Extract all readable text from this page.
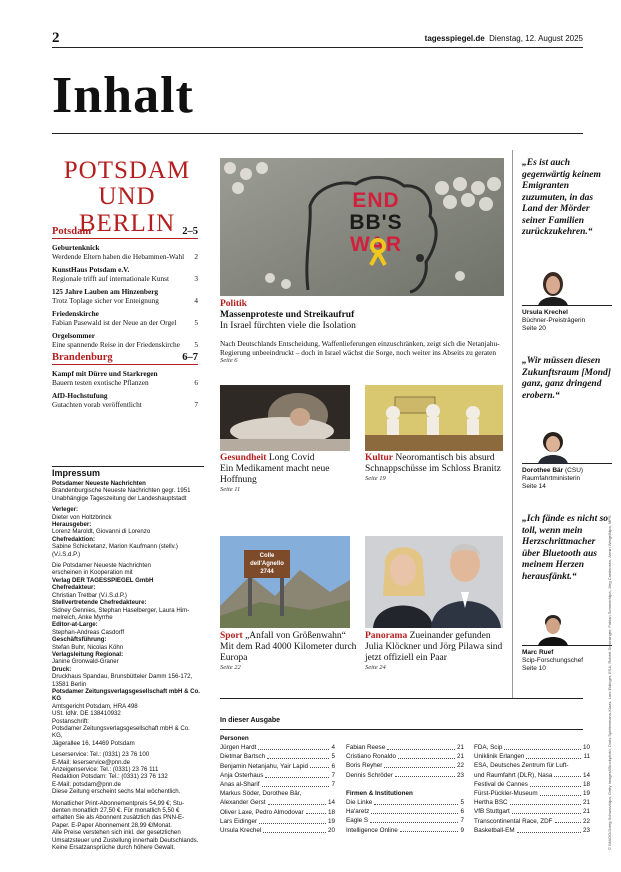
2	tagesspiegel.de Dienstag, 12. August 2025
Inhalt
POTSDAM
UND BERLIN
Potsdam	2–5
Geburtenknick
Werdende Eltern haben die Hebammen-Wahl	2
KunstHaus Potsdam e.V.
Regionale trifft auf internationale Kunst	3
125 Jahre Lauben am Hinzenberg
Trotz Toplage sicher vor Enteignung	4
Friedenskirche
Fabian Pasewald ist der Neue an der Orgel	5
Orgelsommer
Eine spannende Reise in der Friedenskirche	5
Brandenburg	6–7
Kampf mit Dürre und Starkregen
Bauern testen exotische Pflanzen	6
AfD-Hochstufung
Gutachten vorab veröffentlicht	7
Impressum
Potsdamer Neueste Nachrichten
Brandenburgische Neueste Nachrichten gegr. 1951
Unabhängige Tageszeitung der Landeshauptstadt
Verleger:
Dieter von Holtzbrinck
Herausgeber:
Lorenz Maroldt, Giovanni di Lorenzo
Chefredaktion:
Sabine Schicketanz, Marion Kaufmann (stellv.)
(V.i.S.d.P.)
Die Potsdamer Neueste Nachrichten
erscheinen in Kooperation mit
Verlag DER TAGESSPIEGEL GmbH
Chefredakteur:
Christian Tretbar (V.i.S.d.P.)
Stellvertretende Chefredakteure:
Sidney Gennies, Stephan Haselberger, Laura Him-
melreich, Anke Myrrhe
Editor-at-Large:
Stephan-Andreas Casdorff
Geschäftsführung:
Stefan Buhr, Nicolas Köhn
Verlagsleitung Regional:
Janine Gronwald-Graner
Druck:
Druckhaus Spandau, Brunsbütteler Damm 156-172,
13581 Berlin
Potsdamer Zeitungsverlagsgesellschaft mbH & Co. KG
Amtsgericht Potsdam, HRA 498
USt. IdNr. DE 138410932
Postanschrift:
Potsdamer Zeitungsverlagsgesellschaft mbH & Co.
KG,
Jägerallee 16, 14469 Potsdam
Leserservice: Tel.: (0331) 23 76 100
E-Mail: leserservice@pnn.de
Anzeigenservice: Tel.: (0331) 23 76 111
Redaktion Potsdam: Tel.: (0331) 23 76 132
E-Mail: potsdam@pnn.de
Diese Zeitung erscheint sechs Mal wöchentlich.
Monatlicher Print-Abonnementpreis 54,99 €; Stu-
denten monatlich 27,50 €. Für monatlich 5,50 €
erhalten Sie als Abonnent zusätzlich das PNN-E-
Paper. E-Paper Abonnement 28,99 €/Monat.
Alle Preise verstehen sich inkl. der gesetzlichen
Umsatzsteuer und Zustellung innerhalb Deutschlands.
Keine Ersatzansprüche durch höhere Gewalt.
END
BB'S
WAR
Politik
Massenproteste und Streikaufruf
In Israel fürchten viele die Isolation
Nach Deutschlands Entscheidung, Waffenlieferungen einzuschränken, zeigt sich die Netanjahu-Regierung unbeeindruckt – doch in Israel wächst die Sorge, noch weiter ins Abseits zu geraten
Seite 6
Gesundheit Long Covid
Ein Medikament macht neue Hoffnung
Seite 11
Kultur Neoromantisch bis absurd
Schnappschüsse im Schloss Branitz
Seite 19
Colle
dell'Agnello
2744
Sport „Anfall von Größenwahn“
Mit dem Rad 4000 Kilometer durch Europa
Seite 22
Panorama Zueinander gefunden
Julia Klöckner und Jörg Pilawa sind jetzt offiziell ein Paar
Seite 24
„Es ist auch gegenwärtig keinem Emigranten zuzumuten, in das Land der Mörder seiner Familien zurückzukehren.“
Ursula Krechel
Büchner-Preisträgerin
Seite 20
„Wir müssen diesen Zukunftsraum [Mond] ganz, ganz dringend erobern.“
Dorothee Bär (CSU)
Raumfahrtministerin
Seite 14
„Ich fände es nicht so toll, wenn mein Herzschrittmacher über Bluetooth aus meinem Herzen herausfänkt.“
Marc Ruef
Scip-Forschungschef
Seite 10
In dieser Ausgabe
Personen
Jürgen Hardt	4
Dietmar Bartsch	5
Benjamin Netanjahu, Yair Lapid	6
Anja Osterhaus	7
Anas al-Sharif	7
Markus Söder, Dorothee Bär,
Alexander Gerst	14
Oliver Laxe, Pedro Almodovar	18
Lars Eidinger	19
Ursula Krechel	20
Fabian Reese	21
Cristiano Ronaldo	21
Boris Reyher	22
Dennis Schröder	23
Firmen & Institutionen
Die Linke	5
Ha'aretz	6
Eagle S	7
Intelligence Online	9
FDA, Scip	10
Uniklinik Erlangen	11
ESA, Deutsches Zentrum für Luft-
und Raumfahrt (DLR), Nasa	14
Festival de Cannes	18
Fürst-Pückler-Museum	19
Hertha BSC	21
VfB Stuttgart	21
Transcontinental Race, ZDF	22
Basketball-EM	23	© IMAGO/Joerg Schwarz/dpa, Getty Images/iStockphoto, Doris Spiekermann-Klaas, Lars Eidinger, ESA, Robert Schlesinger, Fabian Sommer/dpa, Jörg Carstensen, Armin Weigel/dpa, MPS
